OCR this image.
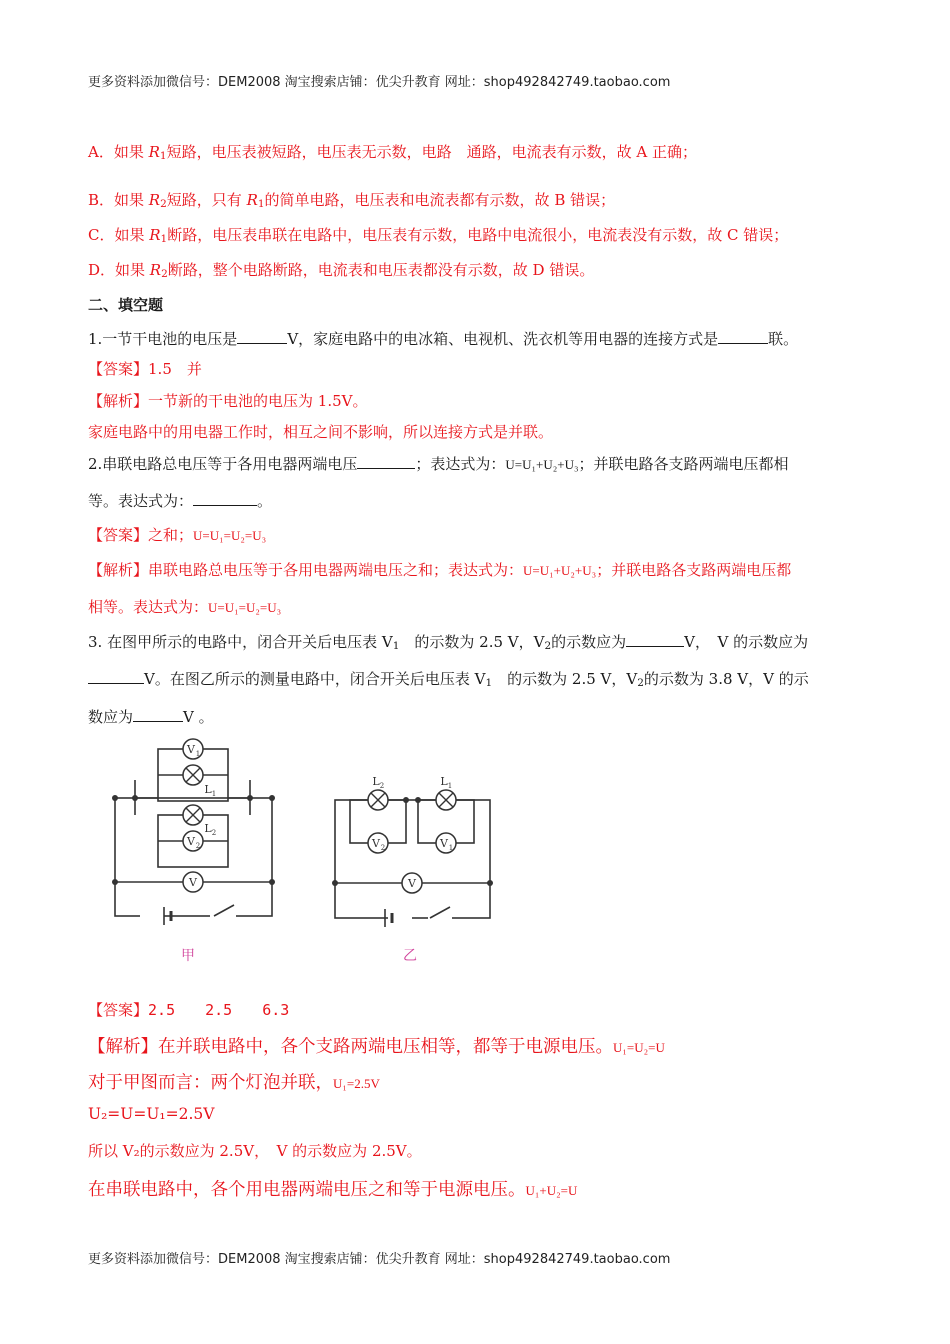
更多资料添加微信号：DEM2008 淘宝搜索店铺：优尖升教育 网址：shop492842749.taobao.com
更多资料添加微信号：DEM2008 淘宝搜索店铺：优尖升教育 网址：shop492842749.taobao.com
A．如果 $R_1$短路，电压表被短路，电压表无示数，电路　通路，电流表有示数，故 A 正确；
B．如果 $R_2$短路，只有 $R_1$的简单电路，电压表和电流表都有示数，故 B 错误；
C．如果 $R_1$断路，电压表串联在电路中，电压表有示数，电路中电流很小，电流表没有示数，故 C 错误；
D．如果 $R_2$断路，整个电路断路，电流表和电压表都没有示数，故 D 错误。
二、填空题
1.一节干电池的电压是	V，家庭电路中的电冰箱、电视机、洗衣机等用电器的连接方式是	联。
【答案】1.5　并
【解析】一节新的干电池的电压为 1.5V。
家庭电路中的用电器工作时，相互之间不影响，所以连接方式是并联。
2.串联电路总电压等于各用电器两端电压	；表达式为：U=U₁+U₂+U₃；并联电路各支路两端电压都相
等。表达式为：	。
【答案】之和；U=U₁=U₂=U₃
【解析】串联电路总电压等于各用电器两端电压之和；表达式为：U=U₁+U₂+U₃；并联电路各支路两端电压都
相等。表达式为：U=U₁=U₂=U₃
3. 在图甲所示的电路中，闭合开关后电压表 $V_1$　 的示数为 2.5 V，$V_2$的示数应为	V，　V 的示数应为
V。在图乙所示的测量电路中，闭合开关后电压表 $V_1$　 的示数为 2.5 V，$V_2$的示数为 3.8 V，V 的示
数应为	V 。
V 1
V 2
V
L 1
L 2
V 2	V 1
V
L 2	L 1
甲	乙
【答案】2.5　　2.5　　6.3
【解析】在并联电路中，各个支路两端电压相等，都等于电源电压。U₁=U₂=U
对于甲图而言：两个灯泡并联，U₁=2.5V
U₂=U=U₁=2.5V
所以 V₂的示数应为 2.5V，　V 的示数应为 2.5V。
在串联电路中，各个用电器两端电压之和等于电源电压。U₁+U₂=U
